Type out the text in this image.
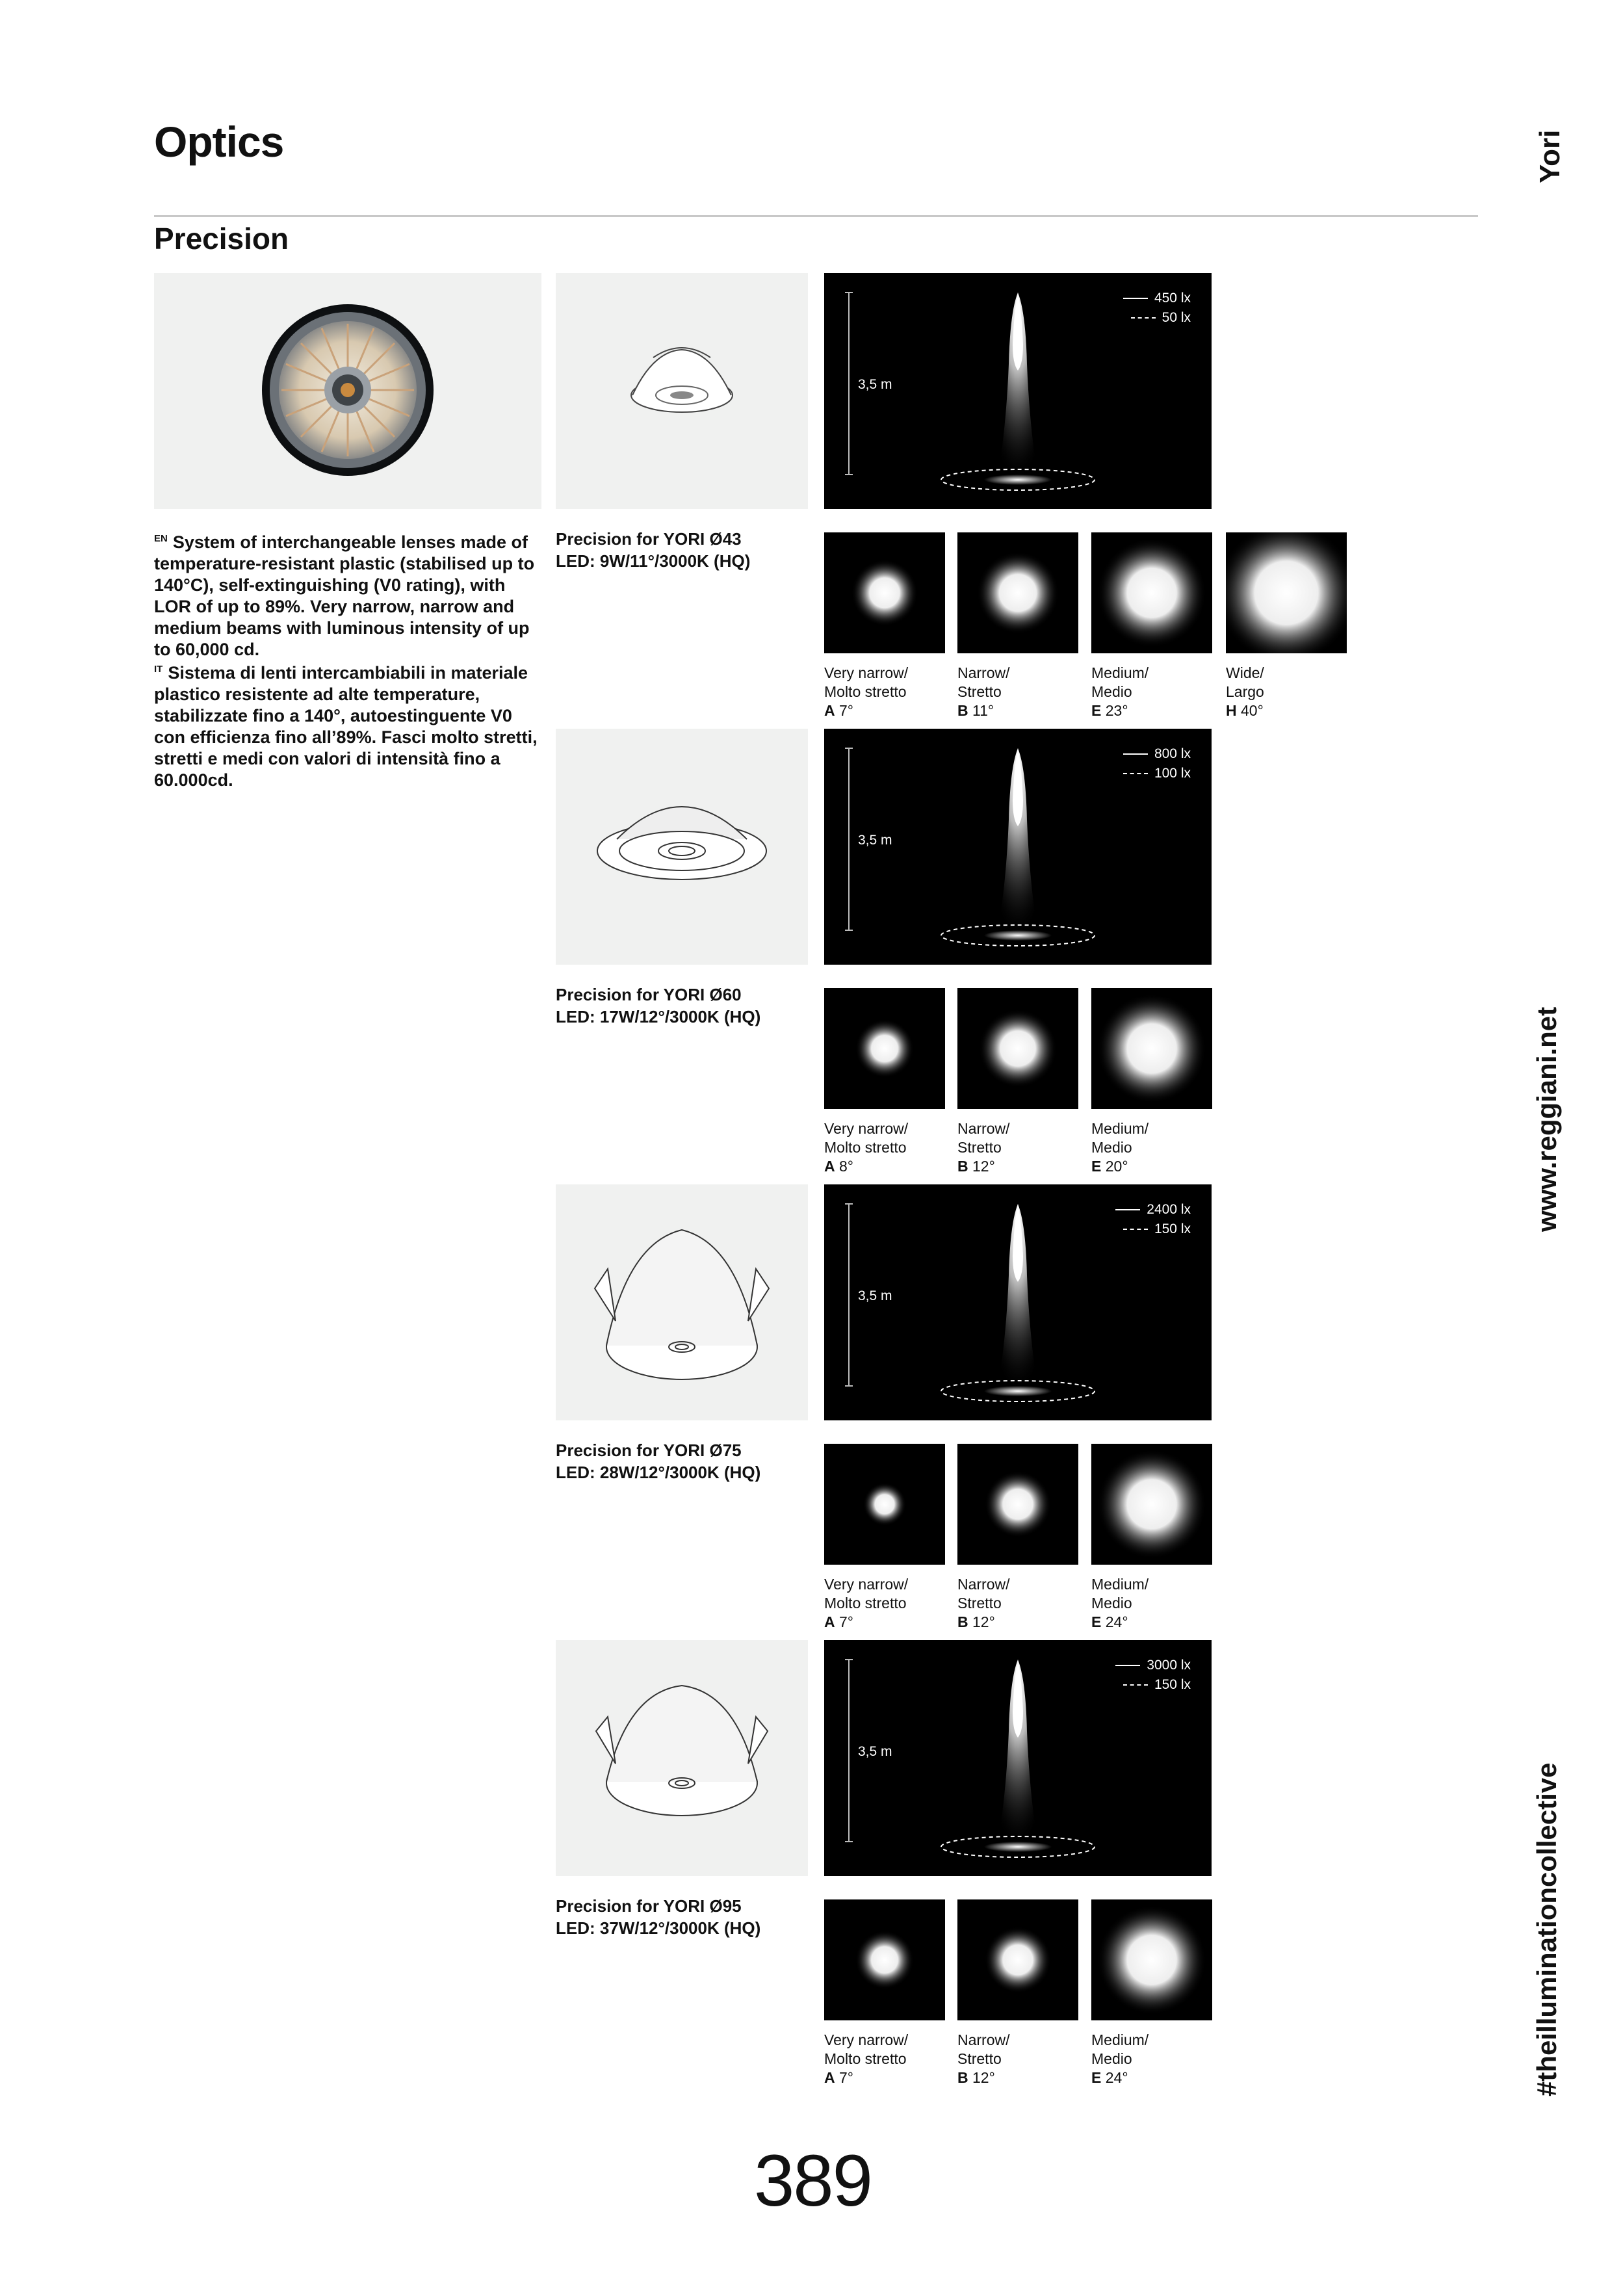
Optics
Precision
Yori
www.reggiani.net
#theilluminationcollective
$^{EN}$ System of interchangeable lenses made of temperature-resistant plastic (stabilised up to 140°C), self-extinguishing (V0 rating), with LOR of up to 89%. Very narrow, narrow and medium beams with luminous intensity of up to 60,000 cd.
$^{IT}$ Sistema di lenti intercambiabili in materiale plastico resistente ad alte temperature, stabilizzate fino a 140°, autoestinguente V0 con efficienza fino all’89%. Fasci molto stretti, stretti e medi con valori di intensità fino a 60.000cd.
3,5 m
450 lx
50 lx
Precision for YORI Ø43
LED: 9W/11°/3000K (HQ)
Very narrow/
Molto stretto
A 7°
Narrow/
Stretto
B 11°
Medium/
Medio
E 23°
Wide/
Largo
H 40°
3,5 m
800 lx
100 lx
Precision for YORI Ø60
LED: 17W/12°/3000K (HQ)
Very narrow/
Molto stretto
A 8°
Narrow/
Stretto
B 12°
Medium/
Medio
E 20°
3,5 m
2400 lx
150 lx
Precision for YORI Ø75
LED: 28W/12°/3000K (HQ)
Very narrow/
Molto stretto
A 7°
Narrow/
Stretto
B 12°
Medium/
Medio
E 24°
3,5 m
3000 lx
150 lx
Precision for YORI Ø95
LED: 37W/12°/3000K (HQ)
Very narrow/
Molto stretto
A 7°
Narrow/
Stretto
B 12°
Medium/
Medio
E 24°
389
